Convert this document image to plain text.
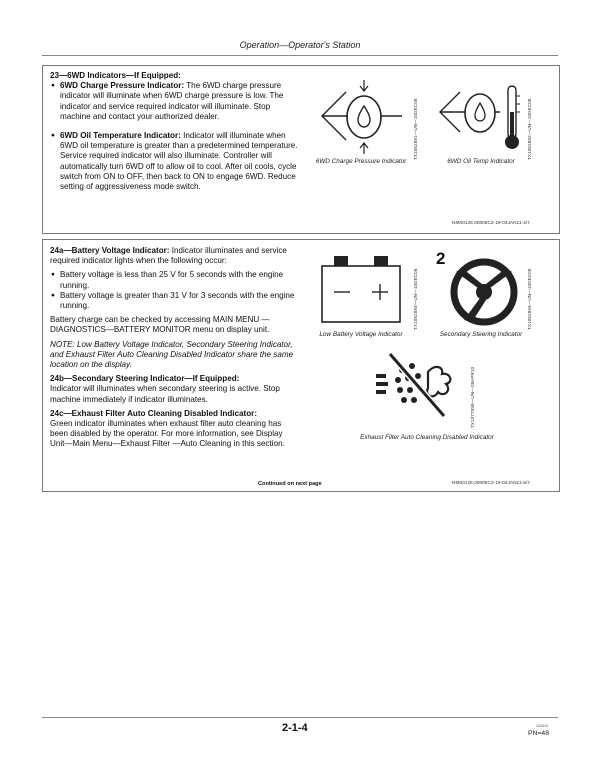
Operation—Operator's Station

23—6WD Indicators—If Equipped:

● 6WD Charge Pressure Indicator: The 6WD charge pressure indicator will illuminate when 6WD charge pressure is low. The indicator and service required indicator will illuminate. Stop machine and contact your authorized dealer.

● 6WD Oil Temperature Indicator: Indicator will illuminate when 6WD oil temperature is greater than a predetermined temperature. Service required indicator will also illuminate. Controller will automatically turn 6WD off to allow oil to cool. After oil cools, cycle switch from ON to OFF, then back to ON to engage 6WD. Reduce setting of aggressiveness mode switch.

TX1052891—UN—10DEC08
6WD Charge Pressure Indicator
TX1052892—UN—10DEC08
6WD Oil Temp Indicator
NM00125,00005C3-19-04JAN11-4/7

24a—Battery Voltage Indicator: Indicator illuminates and service required indicator lights when the following occur:

● Battery voltage is less than 25 V for 5 seconds with the engine running.

● Battery voltage is greater than 31 V for 3 seconds with the engine running.

Battery charge can be checked by accessing MAIN MENU —DIAGNOSTICS—BATTERY MONITOR menu on display unit.

NOTE: Low Battery Voltage Indicator, Secondary Steering Indicator, and Exhaust Filter Auto Cleaning Disabled Indicator share the same location on the display.

24b—Secondary Steering Indicator—If Equipped:

Indicator will illuminates when secondary steering is active. Stop machine immediately if indicator illuminates.

24c—Exhaust Filter Auto Cleaning Disabled Indicator:

Green indicator illuminates when exhaust filter auto cleaning has been disabled by the operator. For more information, see Display Unit—Main Menu—Exhaust Filter —Auto Cleaning in this section.

TX1052893—UN—10DEC08
Low Battery Voltage Indicator
2
TX1052894—UN—10DEC08
Secondary Steering Indicator
TX1077058—UN—28APR10
Exhaust Filter Auto Cleaning Disabled Indicator
Continued on next page	NM00125,00005C3-19-04JAN11-5/7
2-1-4	102413
PN=48
